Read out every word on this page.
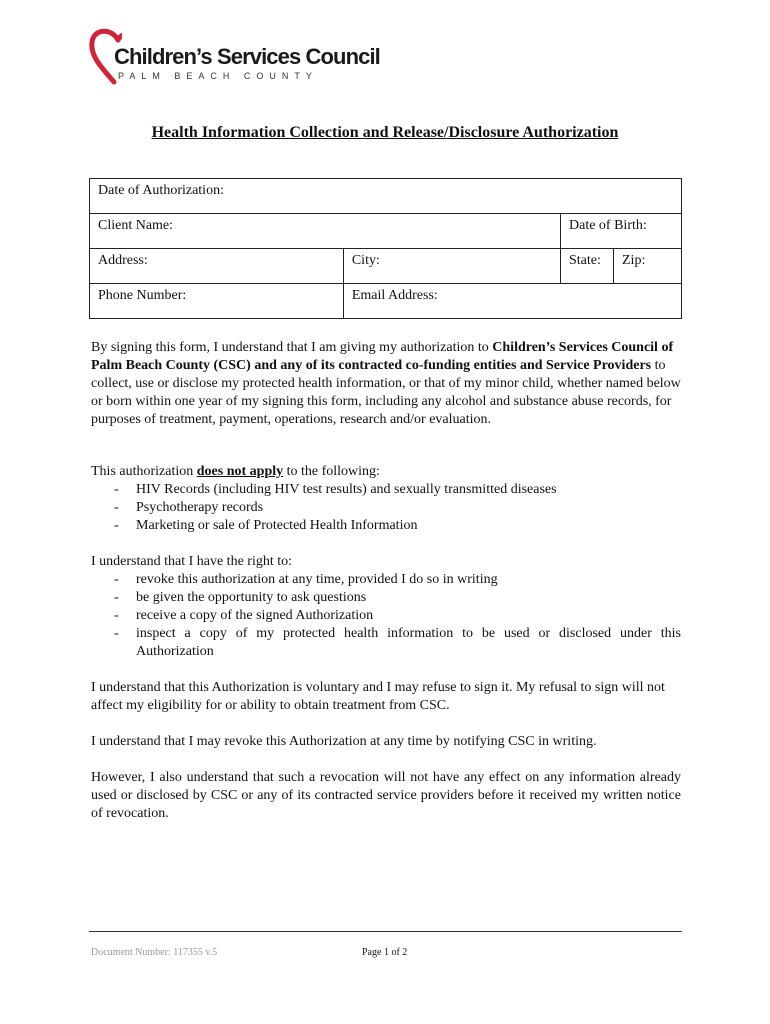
Children’s Services Council
PALM BEACH COUNTY
Health Information Collection and Release/Disclosure Authorization
Date of Authorization:			
Client Name:		Date of Birth:	
Address:	City:	State:	Zip:
Phone Number:	Email Address:		

By signing this form, I understand that I am giving my authorization to Children’s Services Council of Palm Beach County (CSC) and any of its contracted co-funding entities and Service Providers to collect, use or disclose my protected health information, or that of my minor child, whether named below or born within one year of my signing this form, including any alcohol and substance abuse records, for purposes of treatment, payment, operations, research and/or evaluation.

This authorization does not apply to the following:
- HIV Records (including HIV test results) and sexually transmitted diseases
- Psychotherapy records
- Marketing or sale of Protected Health Information
I understand that I have the right to:
- revoke this authorization at any time, provided I do so in writing
- be given the opportunity to ask questions
- receive a copy of the signed Authorization
- inspect a copy of my protected health information to be used or disclosed under this Authorization

I understand that this Authorization is voluntary and I may refuse to sign it. My refusal to sign will not affect my eligibility for or ability to obtain treatment from CSC.

I understand that I may revoke this Authorization at any time by notifying CSC in writing.

However, I also understand that such a revocation will not have any effect on any information already used or disclosed by CSC or any of its contracted service providers before it received my written notice of revocation.

Document Number: 117355 v.5	Page 1 of 2
